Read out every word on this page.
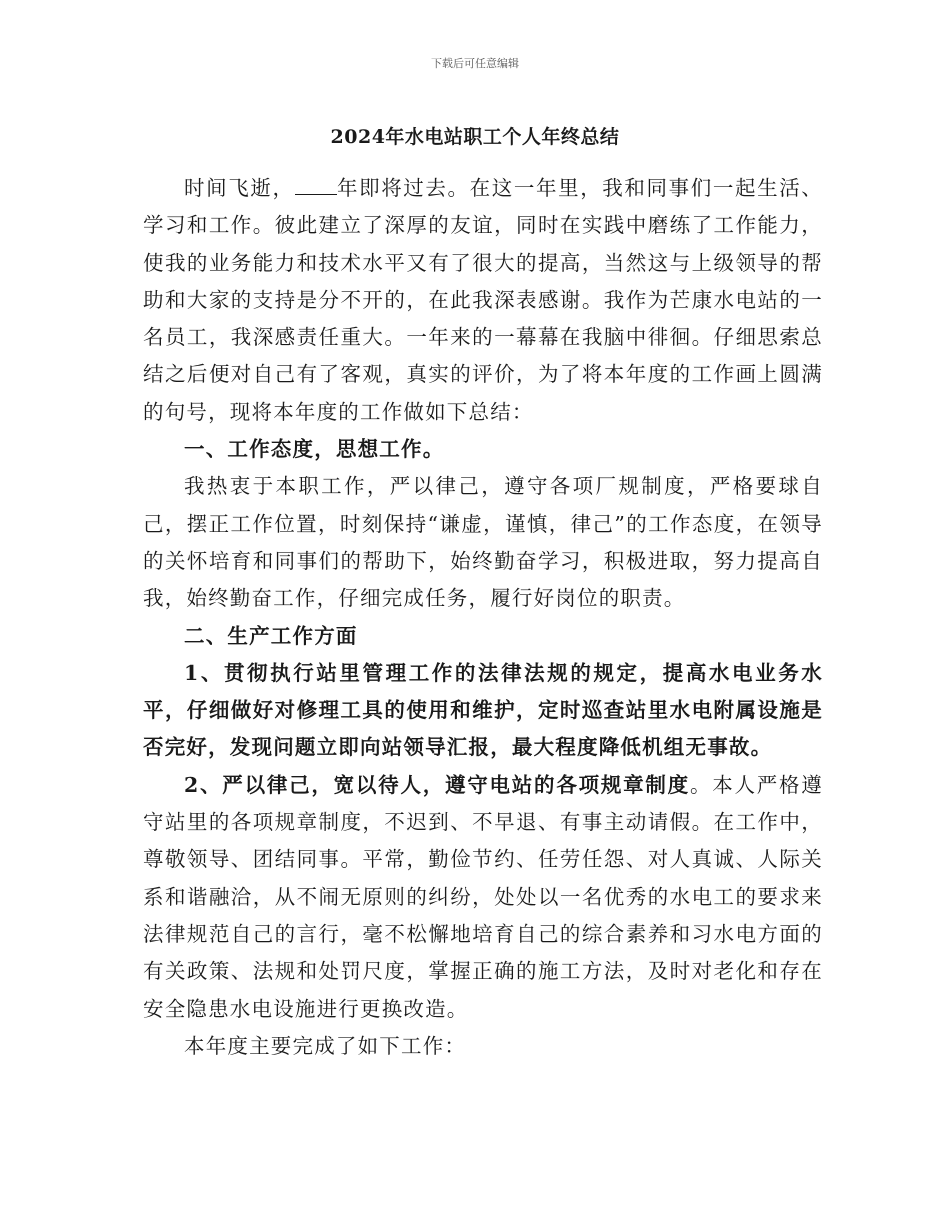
下载后可任意编辑
2024年水电站职工个人年终总结

时间飞逝， 年即将过去。在这一年里，我和同事们一起生活、学习和工作。彼此建立了深厚的友谊，同时在实践中磨练了工作能力，使我的业务能力和技术水平又有了很大的提高，当然这与上级领导的帮助和大家的支持是分不开的，在此我深表感谢。我作为芒康水电站的一名员工，我深感责任重大。一年来的一幕幕在我脑中徘徊。仔细思索总结之后便对自己有了客观，真实的评价，为了将本年度的工作画上圆满的句号，现将本年度的工作做如下总结：

一、工作态度，思想工作。

我热衷于本职工作，严以律己，遵守各项厂规制度，严格要球自己，摆正工作位置，时刻保持“谦虚，谨慎，律己”的工作态度，在领导的关怀培育和同事们的帮助下，始终勤奋学习，积极进取，努力提高自我，始终勤奋工作，仔细完成任务，履行好岗位的职责。

二、生产工作方面

1、贯彻执行站里管理工作的法律法规的规定，提高水电业务水平，仔细做好对修理工具的使用和维护，定时巡查站里水电附属设施是否完好，发现问题立即向站领导汇报，最大程度降低机组无事故。

2、严以律己，宽以待人，遵守电站的各项规章制度。本人严格遵守站里的各项规章制度，不迟到、不早退、有事主动请假。在工作中，尊敬领导、团结同事。平常，勤俭节约、任劳任怨、对人真诚、人际关系和谐融洽，从不闹无原则的纠纷，处处以一名优秀的水电工的要求来法律规范自己的言行，毫不松懈地培育自己的综合素养和习水电方面的有关政策、法规和处罚尺度，掌握正确的施工方法，及时对老化和存在安全隐患水电设施进行更换改造。

本年度主要完成了如下工作：
